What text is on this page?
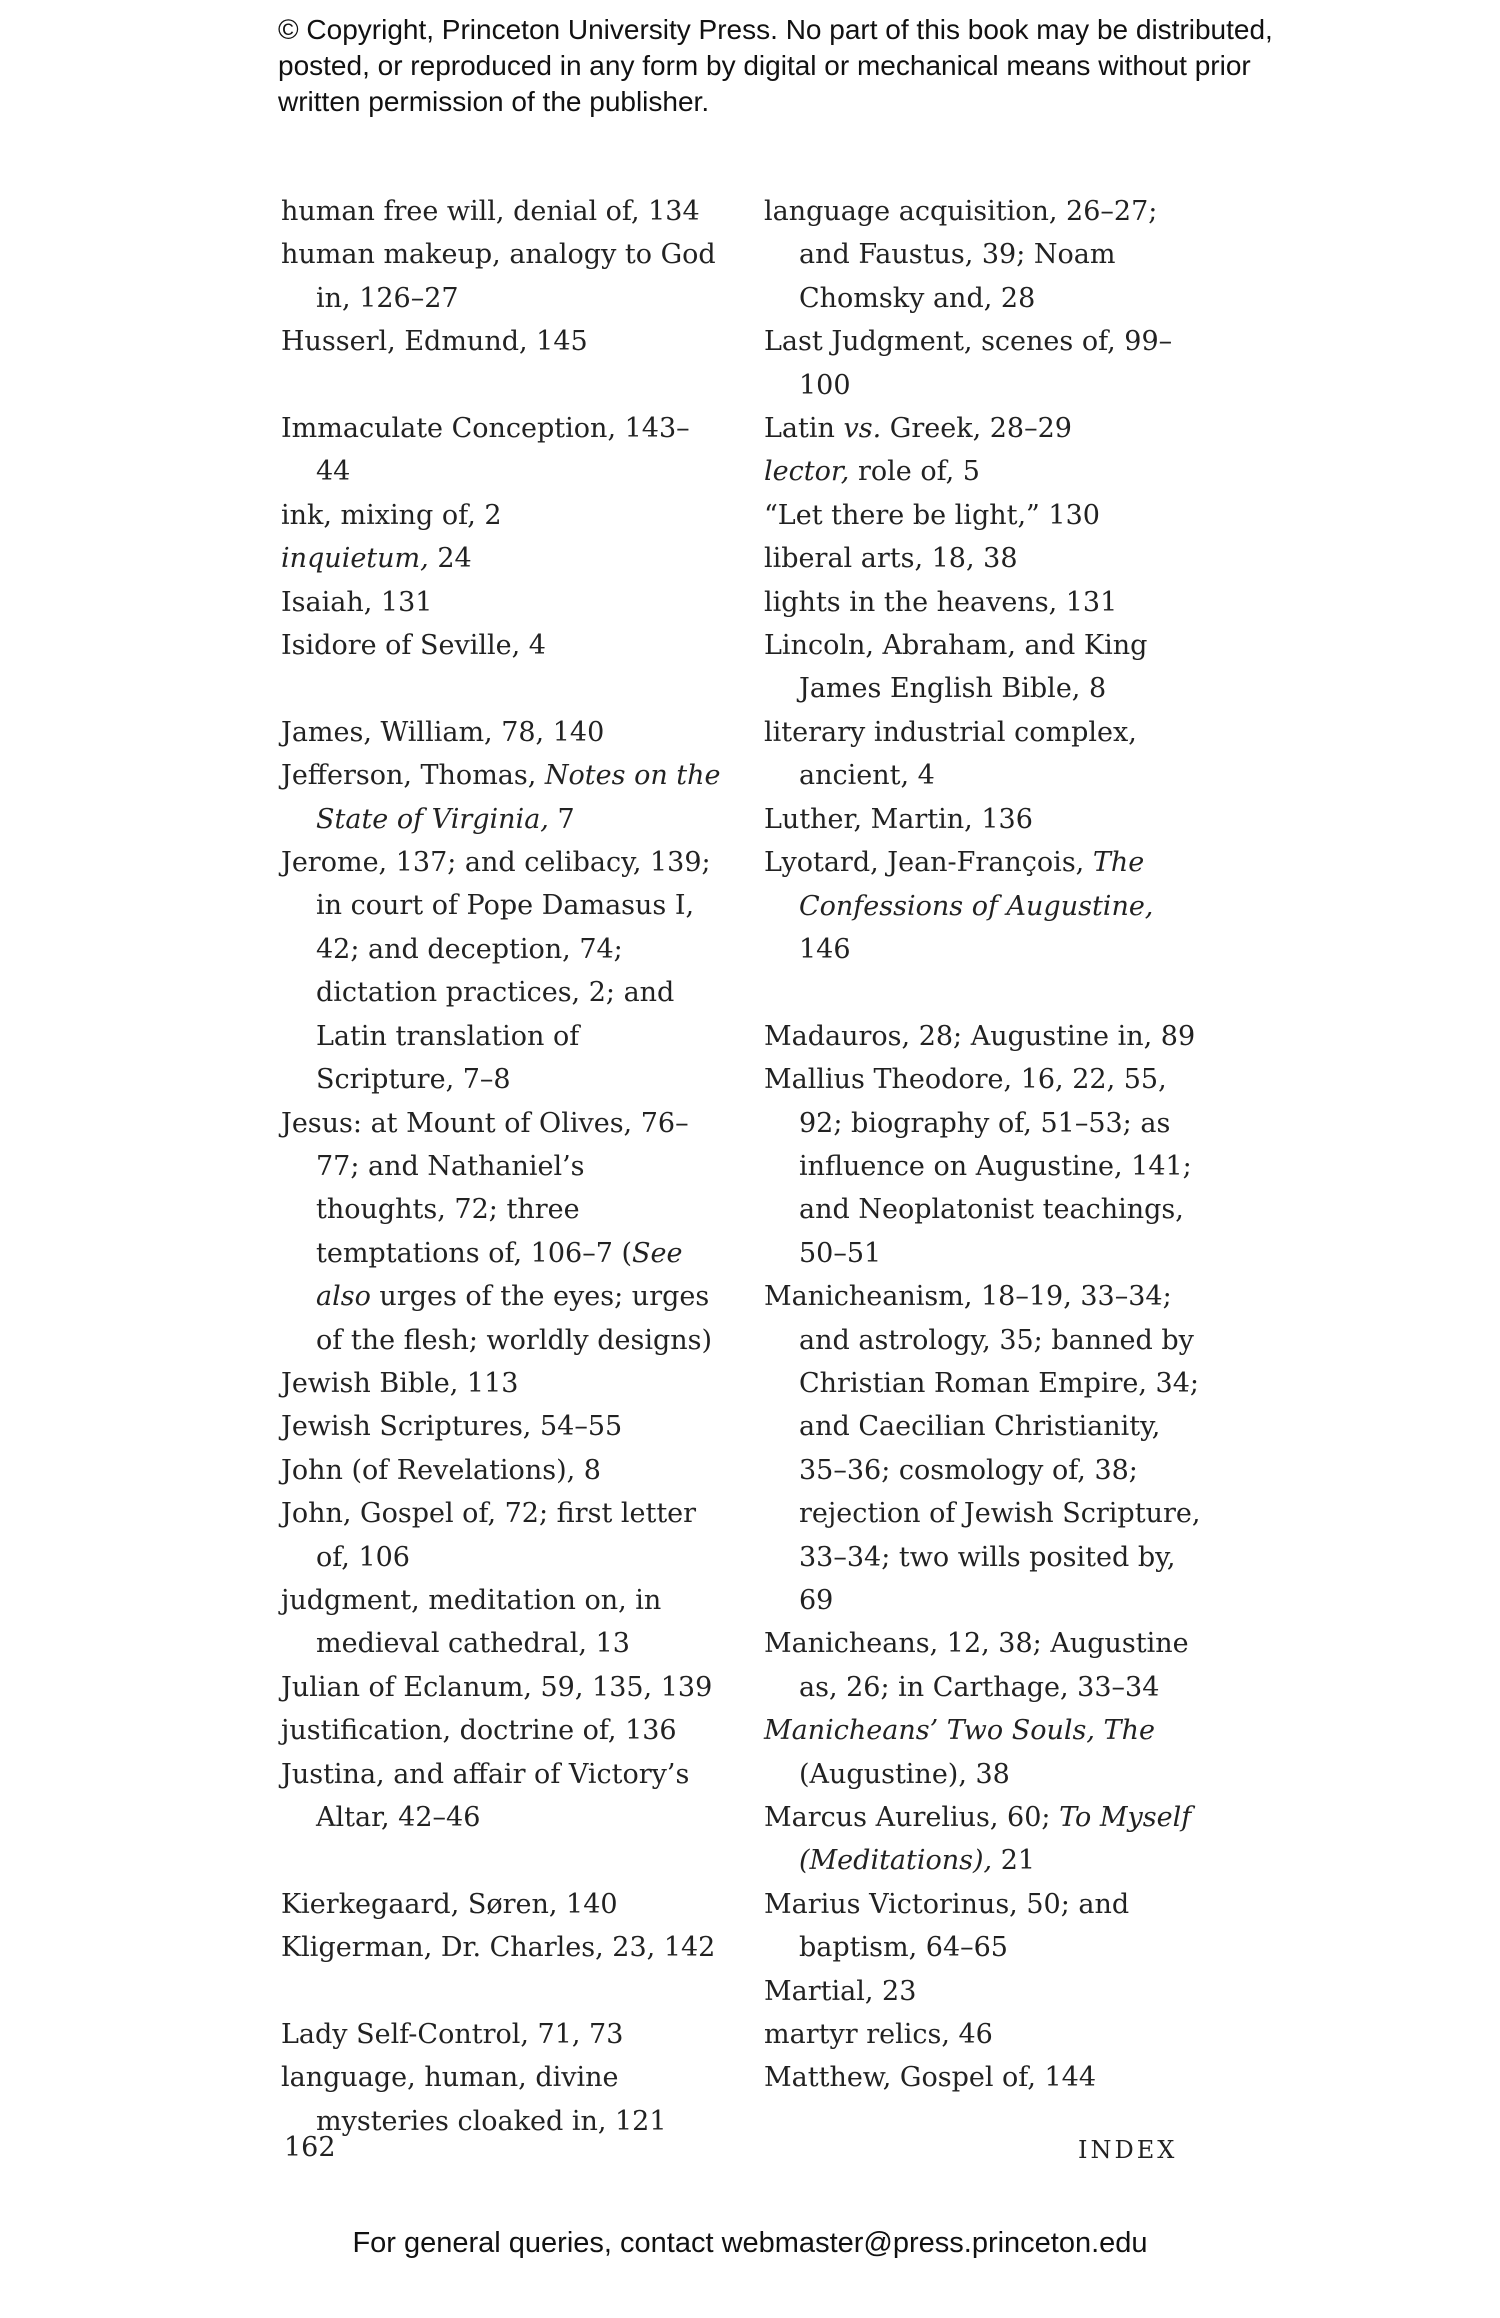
© Copyright, Princeton University Press. No part of this book may be distributed, posted, or reproduced in any form by digital or mechanical means without prior written permission of the publisher.
human free will, denial of, 134
human makeup, analogy to God in, 126–27
Husserl, Edmund, 145
Immaculate Conception, 143–44
ink, mixing of, 2
inquietum, 24
Isaiah, 131
Isidore of Seville, 4
James, William, 78, 140
Jefferson, Thomas, Notes on the State of Virginia, 7
Jerome, 137; and celibacy, 139; in court of Pope Damasus I, 42; and deception, 74; dictation practices, 2; and Latin translation of Scripture, 7–8
Jesus: at Mount of Olives, 76–77; and Nathaniel’s thoughts, 72; three temptations of, 106–7 (See also urges of the eyes; urges of the flesh; worldly designs)
Jewish Bible, 113
Jewish Scriptures, 54–55
John (of Revelations), 8
John, Gospel of, 72; first letter of, 106
judgment, meditation on, in medieval cathedral, 13
Julian of Eclanum, 59, 135, 139
justification, doctrine of, 136
Justina, and affair of Victory’s Altar, 42–46
Kierkegaard, Søren, 140
Kligerman, Dr. Charles, 23, 142
Lady Self-Control, 71, 73
language, human, divine mysteries cloaked in, 121
language acquisition, 26–27; and Faustus, 39; Noam Chomsky and, 28
Last Judgment, scenes of, 99–100
Latin vs. Greek, 28–29
lector, role of, 5
“Let there be light,” 130
liberal arts, 18, 38
lights in the heavens, 131
Lincoln, Abraham, and King James English Bible, 8
literary industrial complex, ancient, 4
Luther, Martin, 136
Lyotard, Jean-François, The Confessions of Augustine, 146
Madauros, 28; Augustine in, 89
Mallius Theodore, 16, 22, 55, 92; biography of, 51–53; as influence on Augustine, 141; and Neoplatonist teachings, 50–51
Manicheanism, 18–19, 33–34; and astrology, 35; banned by Christian Roman Empire, 34; and Caecilian Christianity, 35–36; cosmology of, 38; rejection of Jewish Scripture, 33–34; two wills posited by, 69
Manicheans, 12, 38; Augustine as, 26; in Carthage, 33–34
Manicheans’ Two Souls, The (Augustine), 38
Marcus Aurelius, 60; To Myself (Meditations), 21
Marius Victorinus, 50; and baptism, 64–65
Martial, 23
martyr relics, 46
Matthew, Gospel of, 144
162	INDEX
For general queries, contact webmaster@press.princeton.edu
